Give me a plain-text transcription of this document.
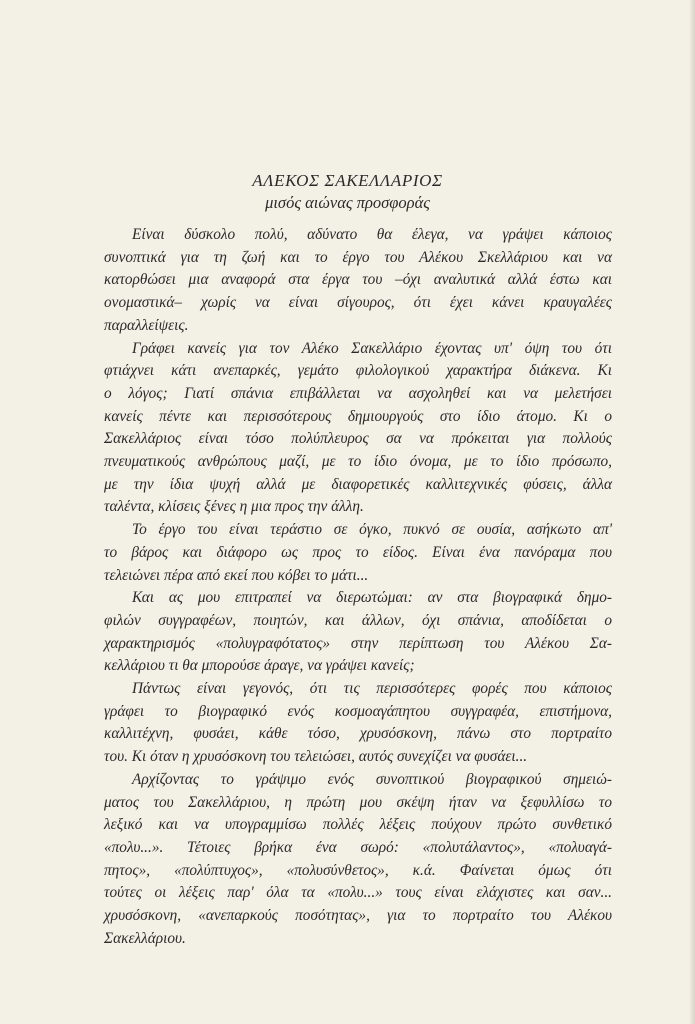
ΑΛΕΚΟΣ ΣΑΚΕΛΛΑΡΙΟΣ
μισός αιώνας προσφοράς
Είναι δύσκολο πολύ, αδύνατο θα έλεγα, να γράψει κάποιος
συνοπτικά για τη ζωή και το έργο του Αλέκου Σκελλάριου και να
κατορθώσει μια αναφορά στα έργα του –όχι αναλυτικά αλλά έστω και
ονομαστικά– χωρίς να είναι σίγουρος, ότι έχει κάνει κραυγαλέες
παραλλείψεις.
Γράφει κανείς για τον Αλέκο Σακελλάριο έχοντας υπ' όψη του ότι
φτιάχνει κάτι ανεπαρκές, γεμάτο φιλολογικού χαρακτήρα διάκενα. Κι
ο λόγος; Γιατί σπάνια επιβάλλεται να ασχοληθεί και να μελετήσει
κανείς πέντε και περισσότερους δημιουργούς στο ίδιο άτομο. Κι ο
Σακελλάριος είναι τόσο πολύπλευρος σα να πρόκειται για πολλούς
πνευματικούς ανθρώπους μαζί, με το ίδιο όνομα, με το ίδιο πρόσωπο,
με την ίδια ψυχή αλλά με διαφορετικές καλλιτεχνικές φύσεις, άλλα
ταλέντα, κλίσεις ξένες η μια προς την άλλη.
Το έργο του είναι τεράστιο σε όγκο, πυκνό σε ουσία, ασήκωτο απ'
το βάρος και διάφορο ως προς το είδος. Είναι ένα πανόραμα που
τελειώνει πέρα από εκεί που κόβει το μάτι...
Και ας μου επιτραπεί να διερωτώμαι: αν στα βιογραφικά δημο-
φιλών συγγραφέων, ποιητών, και άλλων, όχι σπάνια, αποδίδεται ο
χαρακτηρισμός «πολυγραφότατος» στην περίπτωση του Αλέκου Σα-
κελλάριου τι θα μπορούσε άραγε, να γράψει κανείς;
Πάντως είναι γεγονός, ότι τις περισσότερες φορές που κάποιος
γράφει το βιογραφικό ενός κοσμοαγάπητου συγγραφέα, επιστήμονα,
καλλιτέχνη, φυσάει, κάθε τόσο, χρυσόσκονη, πάνω στο πορτραίτο
του. Κι όταν η χρυσόσκονη του τελειώσει, αυτός συνεχίζει να φυσάει...
Αρχίζοντας το γράψιμο ενός συνοπτικού βιογραφικού σημειώ-
ματος του Σακελλάριου, η πρώτη μου σκέψη ήταν να ξεφυλλίσω το
λεξικό και να υπογραμμίσω πολλές λέξεις πούχουν πρώτο συνθετικό
«πολυ...». Τέτοιες βρήκα ένα σωρό: «πολυτάλαντος», «πολυαγά-
πητος», «πολύπτυχος», «πολυσύνθετος», κ.ά. Φαίνεται όμως ότι
τούτες οι λέξεις παρ' όλα τα «πολυ...» τους είναι ελάχιστες και σαν...
χρυσόσκονη, «ανεπαρκούς ποσότητας», για το πορτραίτο του Αλέκου
Σακελλάριου.
